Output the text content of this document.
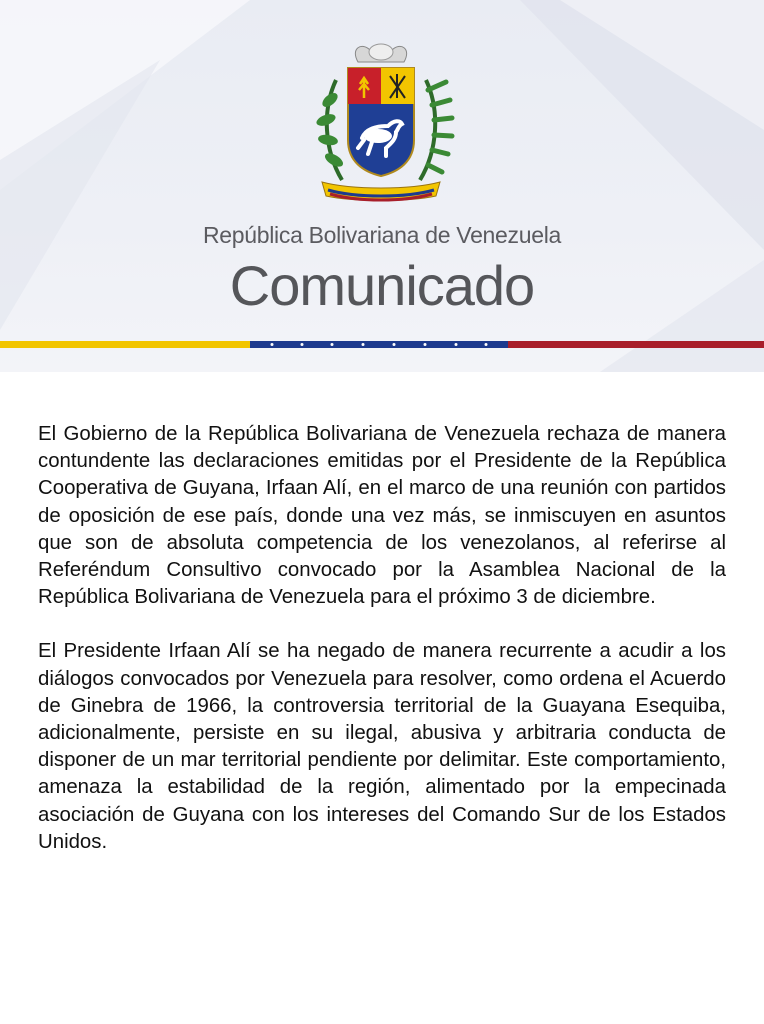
República Bolivariana de Venezuela
Comunicado

El Gobierno de la República Bolivariana de Venezuela rechaza de manera contundente las declaraciones emitidas por el Presidente de la República Cooperativa de Guyana, Irfaan Alí, en el marco de una reunión con partidos de oposición de ese país, donde una vez más, se inmiscuyen en asuntos que son de absoluta competencia de los venezolanos, al referirse al Referéndum Consultivo convocado por la Asamblea Nacional de la República Bolivariana de Venezuela para el próximo 3 de diciembre.

El Presidente Irfaan Alí se ha negado de manera recurrente a acudir a los diálogos convocados por Venezuela para resolver, como ordena el Acuerdo de Ginebra de 1966, la controversia territorial de la Guayana Esequiba, adicionalmente, persiste en su ilegal, abusiva y arbitraria conducta de disponer de un mar territorial pendiente por delimitar. Este comportamiento, amenaza la estabilidad de la región, alimentado por la empecinada asociación de Guyana con los intereses del Comando Sur de los Estados Unidos.
